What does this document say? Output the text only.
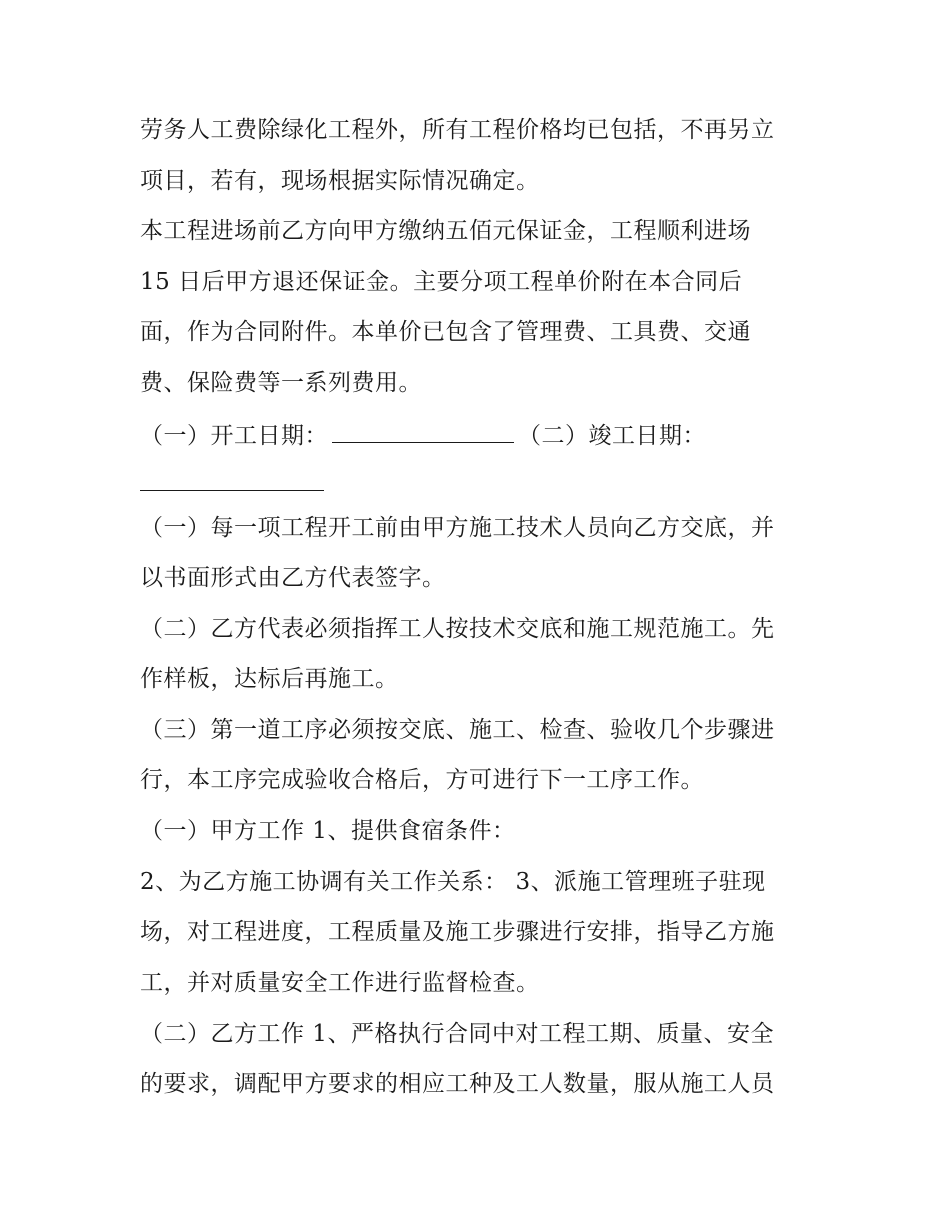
劳务人工费除绿化工程外，所有工程价格均已包括，不再另立
项目，若有，现场根据实际情况确定。
本工程进场前乙方向甲方缴纳五佰元保证金，工程顺利进场
15 日后甲方退还保证金。主要分项工程单价附在本合同后
面，作为合同附件。本单价已包含了管理费、工具费、交通
费、保险费等一系列费用。
（一）开工日期：	（二）竣工日期：
（一）每一项工程开工前由甲方施工技术人员向乙方交底，并
以书面形式由乙方代表签字。
（二）乙方代表必须指挥工人按技术交底和施工规范施工。先
作样板，达标后再施工。
（三）第一道工序必须按交底、施工、检查、验收几个步骤进
行，本工序完成验收合格后，方可进行下一工序工作。
（一）甲方工作 1、提供食宿条件：
2、为乙方施工协调有关工作关系： 3、派施工管理班子驻现
场，对工程进度，工程质量及施工步骤进行安排，指导乙方施
工，并对质量安全工作进行监督检查。
（二）乙方工作 1、严格执行合同中对工程工期、质量、安全
的要求，调配甲方要求的相应工种及工人数量，服从施工人员
